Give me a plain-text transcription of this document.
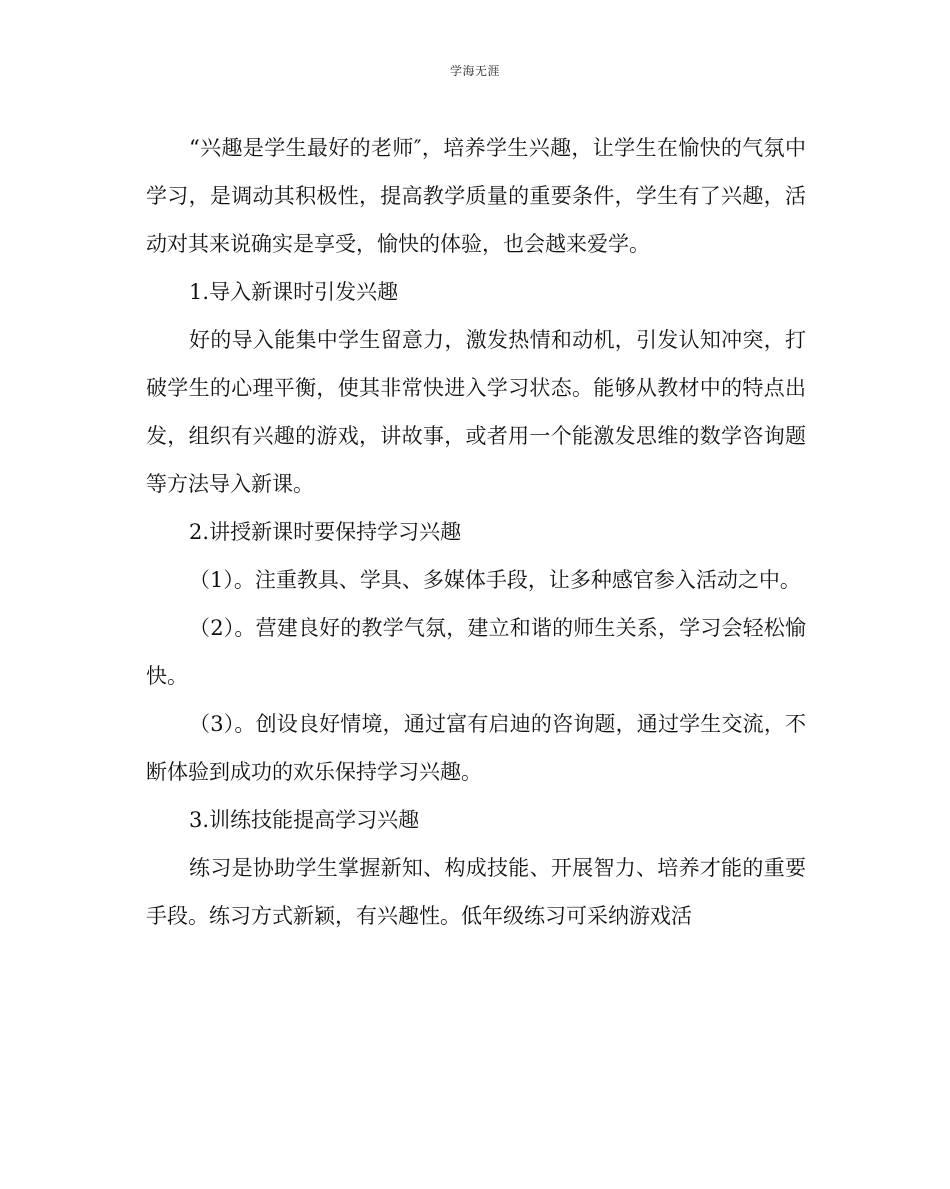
学海无涯

“兴趣是学生最好的老师″，培养学生兴趣，让学生在愉快的气氛中学习，是调动其积极性，提高教学质量的重要条件，学生有了兴趣，活动对其来说确实是享受，愉快的体验，也会越来爱学。

1.导入新课时引发兴趣

好的导入能集中学生留意力，激发热情和动机，引发认知冲突，打破学生的心理平衡，使其非常快进入学习状态。能够从教材中的特点出发，组织有兴趣的游戏，讲故事，或者用一个能激发思维的数学咨询题等方法导入新课。

2.讲授新课时要保持学习兴趣

（1）。注重教具、学具、多媒体手段，让多种感官参入活动之中。

（2）。营建良好的教学气氛，建立和谐的师生关系，学习会轻松愉快。

（3）。创设良好情境，通过富有启迪的咨询题，通过学生交流，不断体验到成功的欢乐保持学习兴趣。

3.训练技能提高学习兴趣

练习是协助学生掌握新知、构成技能、开展智力、培养才能的重要手段。练习方式新颖，有兴趣性。低年级练习可采纳游戏活
